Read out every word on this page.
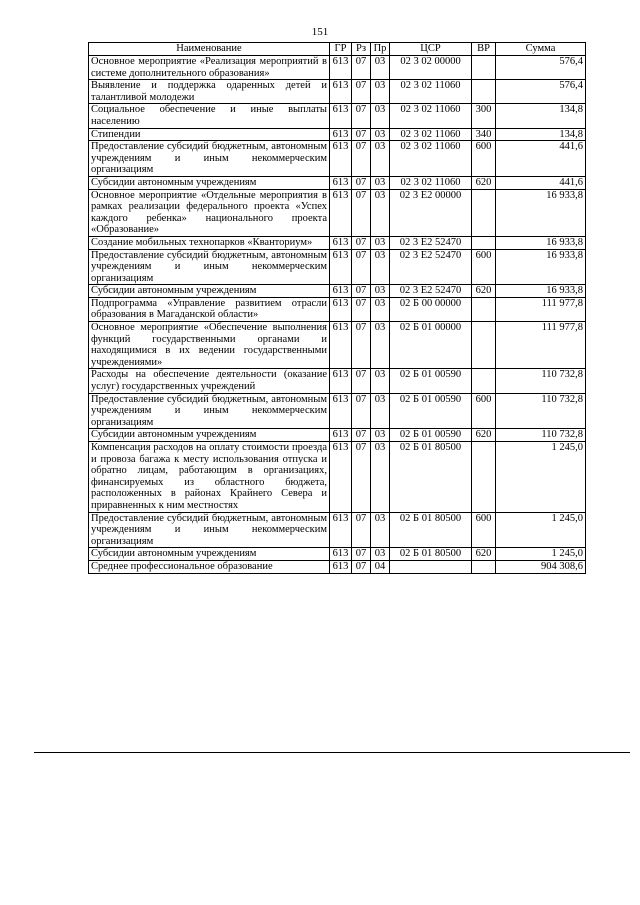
151
Наименование	ГР	Рз	Пр	ЦСР	ВР	Сумма
Основное мероприятие «Реализация мероприятий в системе дополнительного образования»	613	07	03	02 3 02 00000		576,4
Выявление и поддержка одаренных детей и талантливой молодежи	613	07	03	02 3 02 11060		576,4
Социальное обеспечение и иные выплаты населению	613	07	03	02 3 02 11060	300	134,8
Стипендии	613	07	03	02 3 02 11060	340	134,8
Предоставление субсидий бюджетным, автономным учреждениям и иным некоммерческим организациям	613	07	03	02 3 02 11060	600	441,6
Субсидии автономным учреждениям	613	07	03	02 3 02 11060	620	441,6
Основное мероприятие «Отдельные мероприятия в рамках реализации федерального проекта «Успех каждого ребенка» национального проекта «Образование»	613	07	03	02 3 Е2 00000		16 933,8
Создание мобильных технопарков «Кванториум»	613	07	03	02 3 Е2 52470		16 933,8
Предоставление субсидий бюджетным, автономным учреждениям и иным некоммерческим организациям	613	07	03	02 3 Е2 52470	600	16 933,8
Субсидии автономным учреждениям	613	07	03	02 3 Е2 52470	620	16 933,8
Подпрограмма «Управление развитием отрасли образования в Магаданской области»	613	07	03	02 Б 00 00000		111 977,8
Основное мероприятие «Обеспечение выполнения функций государственными органами и находящимися в их ведении государственными учреждениями»	613	07	03	02 Б 01 00000		111 977,8
Расходы на обеспечение деятельности (оказание услуг) государственных учреждений	613	07	03	02 Б 01 00590		110 732,8
Предоставление субсидий бюджетным, автономным учреждениям и иным некоммерческим организациям	613	07	03	02 Б 01 00590	600	110 732,8
Субсидии автономным учреждениям	613	07	03	02 Б 01 00590	620	110 732,8
Компенсация расходов на оплату стоимости проезда и провоза багажа к месту использования отпуска и обратно лицам, работающим в организациях, финансируемых из областного бюджета, расположенных в районах Крайнего Севера и приравненных к ним местностях	613	07	03	02 Б 01 80500		1 245,0
Предоставление субсидий бюджетным, автономным учреждениям и иным некоммерческим организациям	613	07	03	02 Б 01 80500	600	1 245,0
Субсидии автономным учреждениям	613	07	03	02 Б 01 80500	620	1 245,0
Среднее профессиональное образование	613	07	04			904 308,6
